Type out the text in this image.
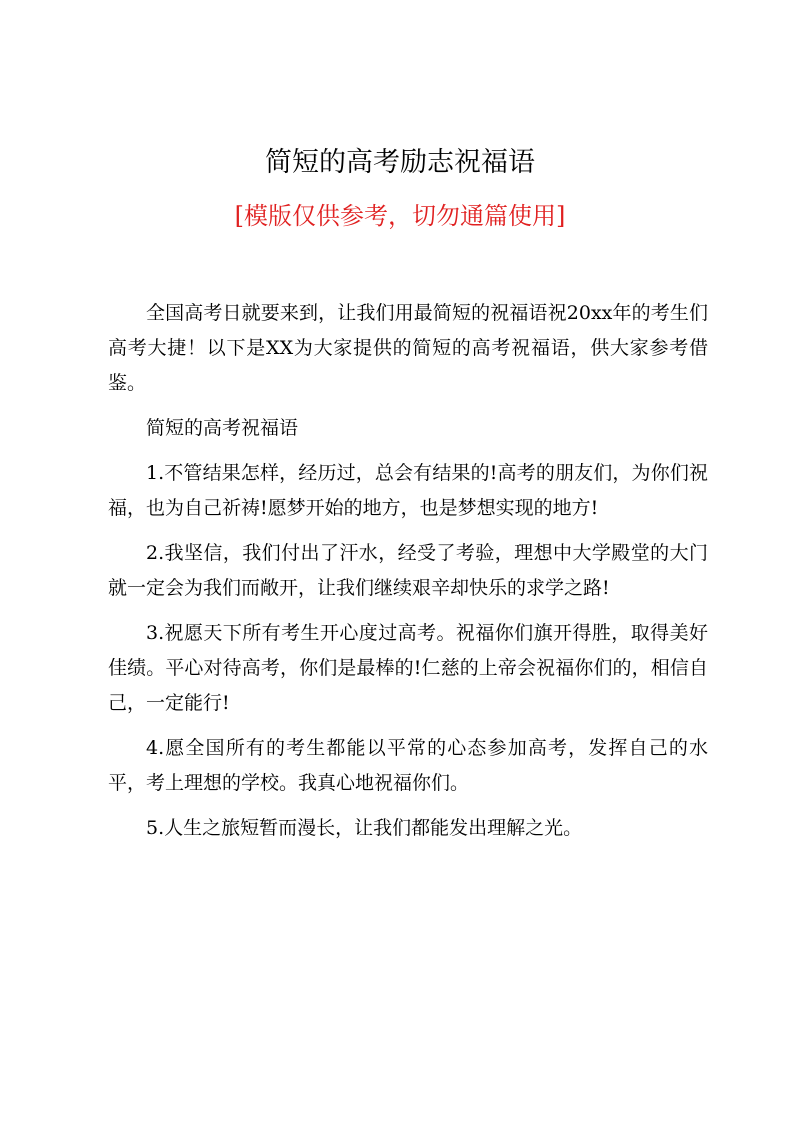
简短的高考励志祝福语
[模版仅供参考，切勿通篇使用]

全国高考日就要来到，让我们用最简短的祝福语祝20xx年的考生们高考大捷！以下是XX为大家提供的简短的高考祝福语，供大家参考借鉴。

简短的高考祝福语

1.不管结果怎样，经历过，总会有结果的!高考的朋友们，为你们祝福，也为自己祈祷!愿梦开始的地方，也是梦想实现的地方!

2.我坚信，我们付出了汗水，经受了考验，理想中大学殿堂的大门就一定会为我们而敞开，让我们继续艰辛却快乐的求学之路!

3.祝愿天下所有考生开心度过高考。祝福你们旗开得胜，取得美好佳绩。平心对待高考，你们是最棒的!仁慈的上帝会祝福你们的，相信自己，一定能行!

4.愿全国所有的考生都能以平常的心态参加高考，发挥自己的水平，考上理想的学校。我真心地祝福你们。

5.人生之旅短暂而漫长，让我们都能发出理解之光。
